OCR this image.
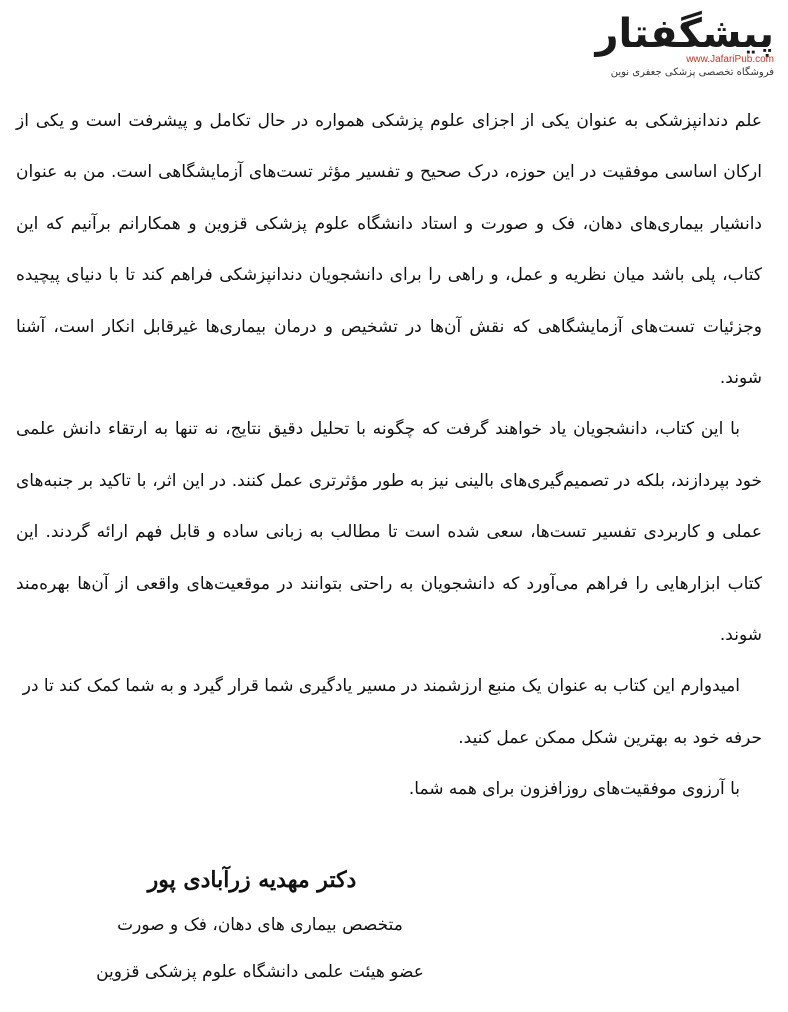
پیشگفتار
www.JafariPub.com
فروشگاه تخصصی پزشکی جعفری نوین

علم دندانپزشکی به عنوان یکی از اجزای علوم پزشکی همواره در حال تکامل و پیشرفت است و یکی از ارکان اساسی موفقیت در این حوزه، درک صحیح و تفسیر مؤثر تست‌های آزمایشگاهی است. من به عنوان دانشیار بیماری‌های دهان، فک و صورت و استاد دانشگاه علوم پزشکی قزوین و همکارانم برآنیم که این کتاب، پلی باشد میان نظریه و عمل، و راهی را برای دانشجویان دندانپزشکی فراهم کند تا با دنیای پیچیده وجزئیات تست‌های آزمایشگاهی که نقش آن‌ها در تشخیص و درمان بیماری‌ها غیرقابل انکار است، آشنا شوند.

با این کتاب، دانشجویان یاد خواهند گرفت که چگونه با تحلیل دقیق نتایج، نه تنها به ارتقاء دانش علمی خود بپردازند، بلکه در تصمیم‌گیری‌های بالینی نیز به طور مؤثرتری عمل کنند. در این اثر، با تاکید بر جنبه‌های عملی و کاربردی تفسیر تست‌ها، سعی شده است تا مطالب به زبانی ساده و قابل فهم ارائه گردند. این کتاب ابزارهایی را فراهم می‌آورد که دانشجویان به راحتی بتوانند در موقعیت‌های واقعی از آن‌ها بهره‌مند شوند.

امیدوارم این کتاب به عنوان یک منبع ارزشمند در مسیر یادگیری شما قرار گیرد و به شما کمک کند تا در حرفه خود به بهترین شکل ممکن عمل کنید.

با آرزوی موفقیت‌های روزافزون برای همه شما.

دکتر مهدیه زرآبادی پور

متخصص بیماری های دهان، فک و صورت

عضو هیئت علمی دانشگاه علوم پزشکی قزوین
